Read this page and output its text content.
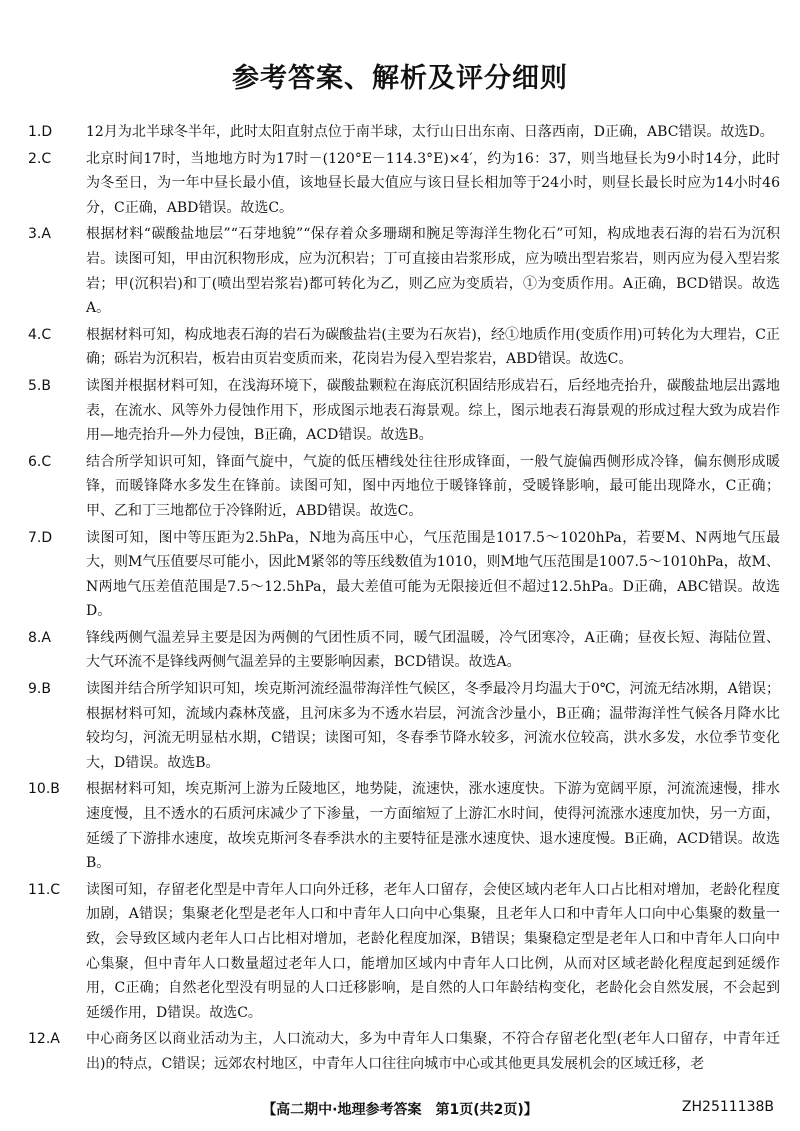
参考答案、解析及评分细则
1.D	12月为北半球冬半年，此时太阳直射点位于南半球，太行山日出东南、日落西南，D正确，ABC错误。故选D。
2.C	北京时间17时，当地地方时为17时－(120°E－114.3°E)×4′，约为16：37，则当地昼长为9小时14分，此时为冬至日，为一年中昼长最小值，该地昼长最大值应与该日昼长相加等于24小时，则昼长最长时应为14小时46分，C正确，ABD错误。故选C。
3.A	根据材料“碳酸盐地层”“石芽地貌”“保存着众多珊瑚和腕足等海洋生物化石”可知，构成地表石海的岩石为沉积岩。读图可知，甲由沉积物形成，应为沉积岩；丁可直接由岩浆形成，应为喷出型岩浆岩，则丙应为侵入型岩浆岩；甲(沉积岩)和丁(喷出型岩浆岩)都可转化为乙，则乙应为变质岩，①为变质作用。A正确，BCD错误。故选A。
4.C	根据材料可知，构成地表石海的岩石为碳酸盐岩(主要为石灰岩)，经①地质作用(变质作用)可转化为大理岩，C正确；砾岩为沉积岩，板岩由页岩变质而来，花岗岩为侵入型岩浆岩，ABD错误。故选C。
5.B	读图并根据材料可知，在浅海环境下，碳酸盐颗粒在海底沉积固结形成岩石，后经地壳抬升，碳酸盐地层出露地表，在流水、风等外力侵蚀作用下，形成图示地表石海景观。综上，图示地表石海景观的形成过程大致为成岩作用—地壳抬升—外力侵蚀，B正确，ACD错误。故选B。
6.C	结合所学知识可知，锋面气旋中，气旋的低压槽线处往往形成锋面，一般气旋偏西侧形成冷锋，偏东侧形成暖锋，而暖锋降水多发生在锋前。读图可知，图中丙地位于暖锋锋前，受暖锋影响，最可能出现降水，C正确；甲、乙和丁三地都位于冷锋附近，ABD错误。故选C。
7.D	读图可知，图中等压距为2.5hPa，N地为高压中心，气压范围是1017.5～1020hPa，若要M、N两地气压最大，则M气压值要尽可能小，因此M紧邻的等压线数值为1010，则M地气压范围是1007.5～1010hPa，故M、N两地气压差值范围是7.5～12.5hPa，最大差值可能为无限接近但不超过12.5hPa。D正确，ABC错误。故选D。
8.A	锋线两侧气温差异主要是因为两侧的气团性质不同，暖气团温暖，冷气团寒冷，A正确；昼夜长短、海陆位置、大气环流不是锋线两侧气温差异的主要影响因素，BCD错误。故选A。
9.B	读图并结合所学知识可知，埃克斯河流经温带海洋性气候区，冬季最冷月均温大于0℃，河流无结冰期，A错误；根据材料可知，流域内森林茂盛，且河床多为不透水岩层，河流含沙量小，B正确；温带海洋性气候各月降水比较均匀，河流无明显枯水期，C错误；读图可知，冬春季节降水较多，河流水位较高，洪水多发，水位季节变化大，D错误。故选B。
10.B	根据材料可知，埃克斯河上游为丘陵地区，地势陡，流速快，涨水速度快。下游为宽阔平原，河流流速慢，排水速度慢，且不透水的石质河床减少了下渗量，一方面缩短了上游汇水时间，使得河流涨水速度加快，另一方面，延缓了下游排水速度，故埃克斯河冬春季洪水的主要特征是涨水速度快、退水速度慢。B正确，ACD错误。故选B。
11.C	读图可知，存留老化型是中青年人口向外迁移，老年人口留存，会使区域内老年人口占比相对增加，老龄化程度加剧，A错误；集聚老化型是老年人口和中青年人口向中心集聚，且老年人口和中青年人口向中心集聚的数量一致，会导致区域内老年人口占比相对增加，老龄化程度加深，B错误；集聚稳定型是老年人口和中青年人口向中心集聚，但中青年人口数量超过老年人口，能增加区域内中青年人口比例，从而对区域老龄化程度起到延缓作用，C正确；自然老化型没有明显的人口迁移影响，是自然的人口年龄结构变化，老龄化会自然发展，不会起到延缓作用，D错误。故选C。
12.A	中心商务区以商业活动为主，人口流动大，多为中青年人口集聚，不符合存留老化型(老年人口留存，中青年迁出)的特点，C错误；远郊农村地区，中青年人口往往向城市中心或其他更具发展机会的区域迁移，老
【高二期中·地理参考答案　第1页(共2页)】	ZH2511138B
